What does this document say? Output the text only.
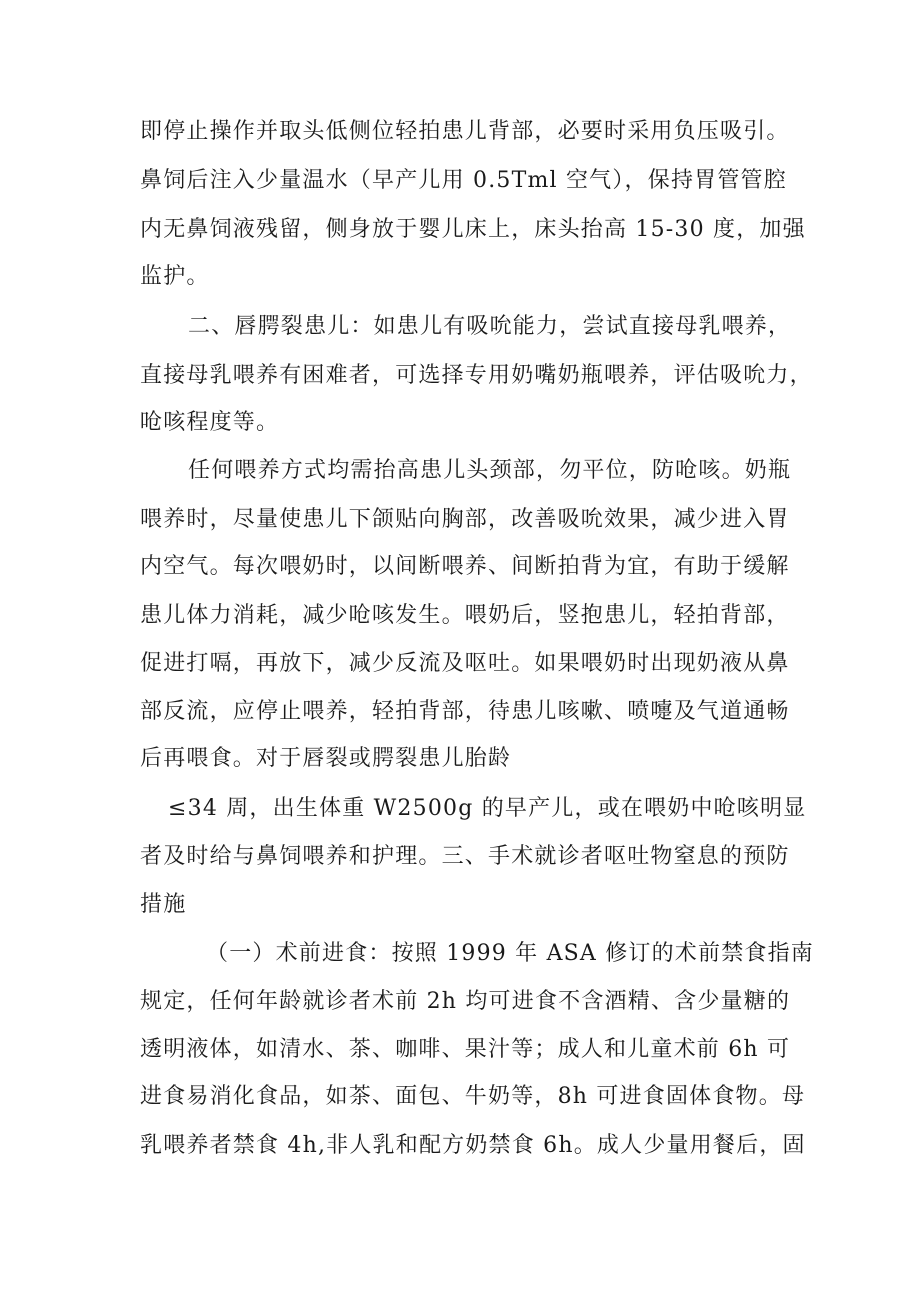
即停止操作并取头低侧位轻拍患儿背部，必要时采用负压吸引。
鼻饲后注入少量温水（早产儿用 0.5Tml 空气），保持胃管管腔
内无鼻饲液残留，侧身放于婴儿床上，床头抬高 15-30 度，加强
监护。
二、唇腭裂患儿：如患儿有吸吮能力，尝试直接母乳喂养，
直接母乳喂养有困难者，可选择专用奶嘴奶瓶喂养，评估吸吮力，
呛咳程度等。
任何喂养方式均需抬高患儿头颈部，勿平位，防呛咳。奶瓶
喂养时，尽量使患儿下颌贴向胸部，改善吸吮效果，减少进入胃
内空气。每次喂奶时，以间断喂养、间断拍背为宜，有助于缓解
患儿体力消耗，减少呛咳发生。喂奶后，竖抱患儿，轻拍背部，
促进打嗝，再放下，减少反流及呕吐。如果喂奶时出现奶液从鼻
部反流，应停止喂养，轻拍背部，待患儿咳嗽、喷嚏及气道通畅
后再喂食。对于唇裂或腭裂患儿胎龄
≤34 周，出生体重 W2500g 的早产儿，或在喂奶中呛咳明显
者及时给与鼻饲喂养和护理。三、手术就诊者呕吐物窒息的预防
措施
（一）术前进食：按照 1999 年 ASA 修订的术前禁食指南
规定，任何年龄就诊者术前 2h 均可进食不含酒精、含少量糖的
透明液体，如清水、茶、咖啡、果汁等；成人和儿童术前 6h 可
进食易消化食品，如茶、面包、牛奶等，8h 可进食固体食物。母
乳喂养者禁食 4h,非人乳和配方奶禁食 6h。成人少量用餐后，固
